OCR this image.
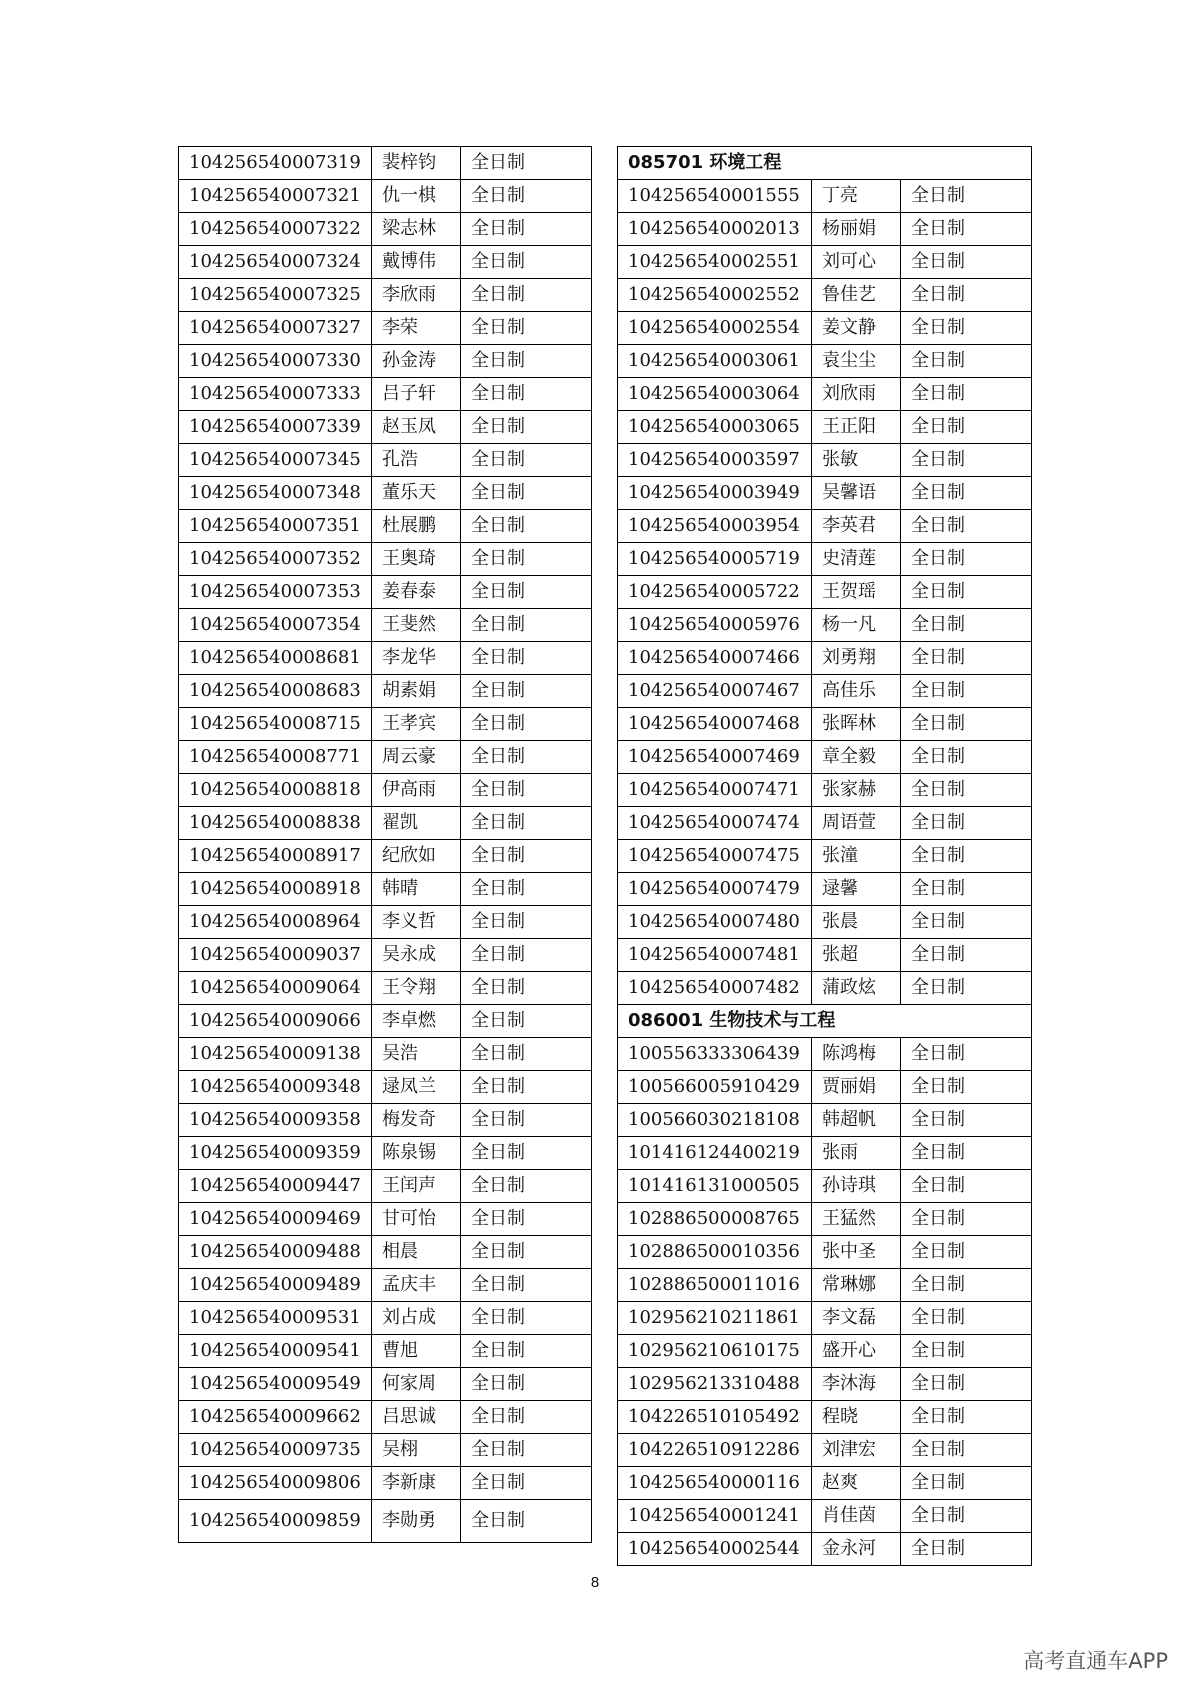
104256540007319	裴梓钧	全日制
104256540007321	仇一棋	全日制
104256540007322	梁志林	全日制
104256540007324	戴博伟	全日制
104256540007325	李欣雨	全日制
104256540007327	李荣	全日制
104256540007330	孙金涛	全日制
104256540007333	吕子轩	全日制
104256540007339	赵玉凤	全日制
104256540007345	孔浩	全日制
104256540007348	董乐天	全日制
104256540007351	杜展鹏	全日制
104256540007352	王奥琦	全日制
104256540007353	姜春泰	全日制
104256540007354	王斐然	全日制
104256540008681	李龙华	全日制
104256540008683	胡素娟	全日制
104256540008715	王孝宾	全日制
104256540008771	周云豪	全日制
104256540008818	伊高雨	全日制
104256540008838	翟凯	全日制
104256540008917	纪欣如	全日制
104256540008918	韩晴	全日制
104256540008964	李义哲	全日制
104256540009037	吴永成	全日制
104256540009064	王令翔	全日制
104256540009066	李卓燃	全日制
104256540009138	吴浩	全日制
104256540009348	逯凤兰	全日制
104256540009358	梅发奇	全日制
104256540009359	陈泉锡	全日制
104256540009447	王闰声	全日制
104256540009469	甘可怡	全日制
104256540009488	相晨	全日制
104256540009489	孟庆丰	全日制
104256540009531	刘占成	全日制
104256540009541	曹旭	全日制
104256540009549	何家周	全日制
104256540009662	吕思诚	全日制
104256540009735	吴栩	全日制
104256540009806	李新康	全日制
104256540009859	李勋勇	全日制
085701 环境工程		
104256540001555	丁亮	全日制
104256540002013	杨丽娟	全日制
104256540002551	刘可心	全日制
104256540002552	鲁佳艺	全日制
104256540002554	姜文静	全日制
104256540003061	袁尘尘	全日制
104256540003064	刘欣雨	全日制
104256540003065	王正阳	全日制
104256540003597	张敏	全日制
104256540003949	吴馨语	全日制
104256540003954	李英君	全日制
104256540005719	史清莲	全日制
104256540005722	王贺瑶	全日制
104256540005976	杨一凡	全日制
104256540007466	刘勇翔	全日制
104256540007467	高佳乐	全日制
104256540007468	张晖林	全日制
104256540007469	章全毅	全日制
104256540007471	张家赫	全日制
104256540007474	周语萱	全日制
104256540007475	张潼	全日制
104256540007479	逯馨	全日制
104256540007480	张晨	全日制
104256540007481	张超	全日制
104256540007482	蒲政炫	全日制
086001 生物技术与工程		
100556333306439	陈鸿梅	全日制
100566005910429	贾丽娟	全日制
100566030218108	韩超帆	全日制
101416124400219	张雨	全日制
101416131000505	孙诗琪	全日制
102886500008765	王猛然	全日制
102886500010356	张中圣	全日制
102886500011016	常琳娜	全日制
102956210211861	李文磊	全日制
102956210610175	盛开心	全日制
102956213310488	李沐海	全日制
104226510105492	程晓	全日制
104226510912286	刘津宏	全日制
104256540000116	赵爽	全日制
104256540001241	肖佳茵	全日制
104256540002544	金永河	全日制
8
高考直通车APP
